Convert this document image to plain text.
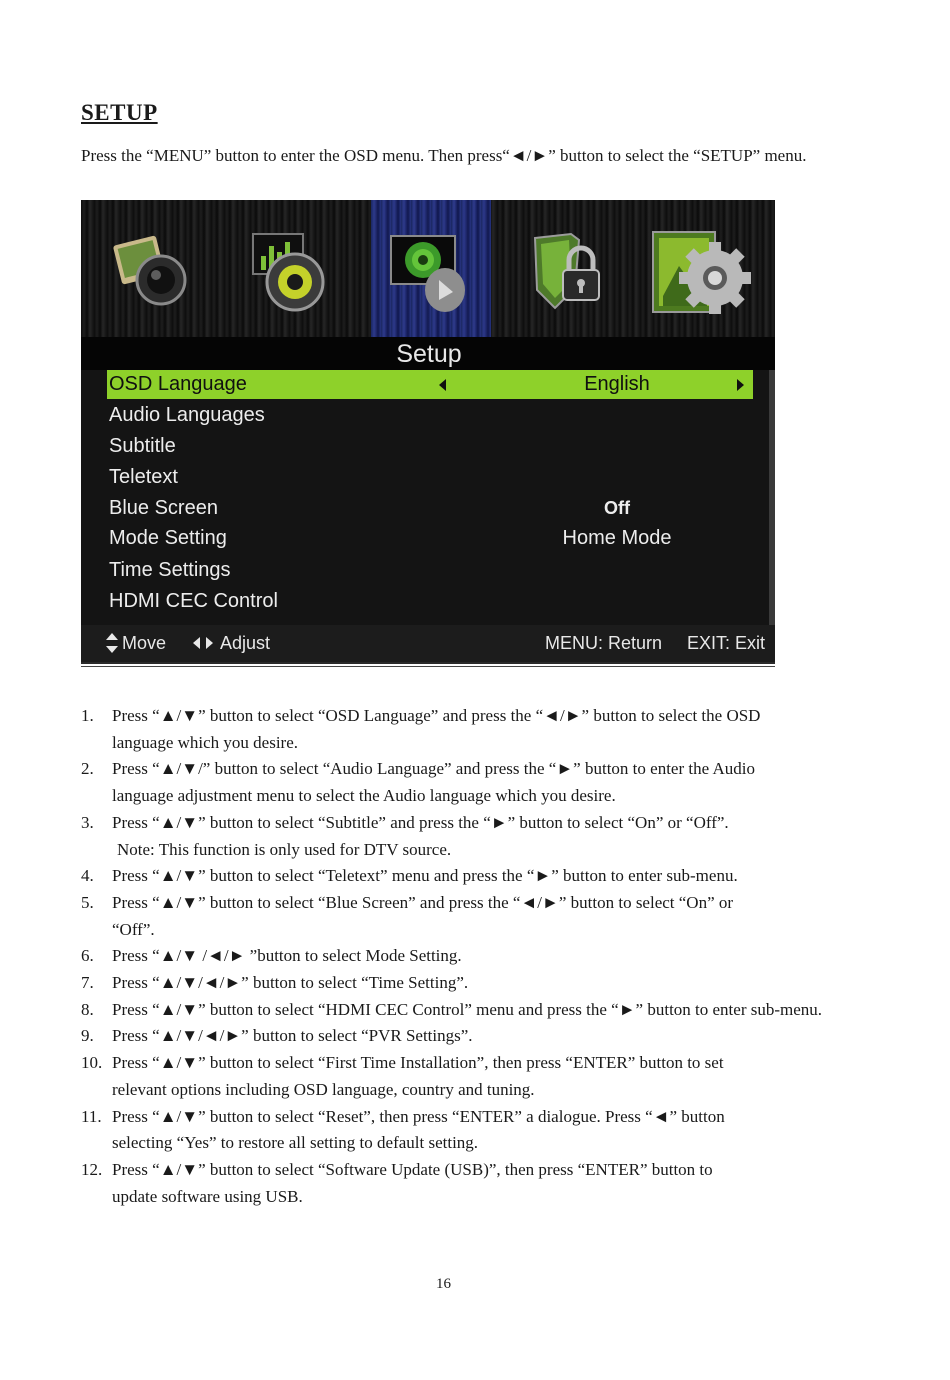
SETUP
Press the “MENU” button to enter the OSD menu. Then press“◄/►” button to select the “SETUP” menu.
Setup
OSD Language	English
Audio Languages
Subtitle
Teletext
Blue Screen	Off
Mode Setting	Home Mode
Time Settings
HDMI CEC Control
Move	Adjust	MENU: Return EXIT: Exit
1. Press “▲/▼” button to select “OSD Language” and press the “◄/►” button to select the OSD
language which you desire.
2. Press “▲/▼/” button to select “Audio Language” and press the “►” button to enter the Audio
language adjustment menu to select the Audio language which you desire.
3. Press “▲/▼” button to select “Subtitle” and press the “►” button to select “On” or “Off”.
Note: This function is only used for DTV source.
4. Press “▲/▼” button to select “Teletext” menu and press the “►” button to enter sub-menu.
5. Press “▲/▼” button to select “Blue Screen” and press the “◄/►” button to select “On” or
“Off”.
6. Press “▲/▼ /◄/► ”button to select Mode Setting.
7. Press “▲/▼/◄/►” button to select “Time Setting”.
8. Press “▲/▼” button to select “HDMI CEC Control” menu and press the “►” button to enter sub-menu.
9. Press “▲/▼/◄/►” button to select “PVR Settings”.
10. Press “▲/▼” button to select “First Time Installation”, then press “ENTER” button to set
relevant options including OSD language, country and tuning.
11. Press “▲/▼” button to select “Reset”, then press “ENTER” a dialogue. Press “◄” button
selecting “Yes” to restore all setting to default setting.
12. Press “▲/▼” button to select “Software Update (USB)”, then press “ENTER” button to
update software using USB.
16
